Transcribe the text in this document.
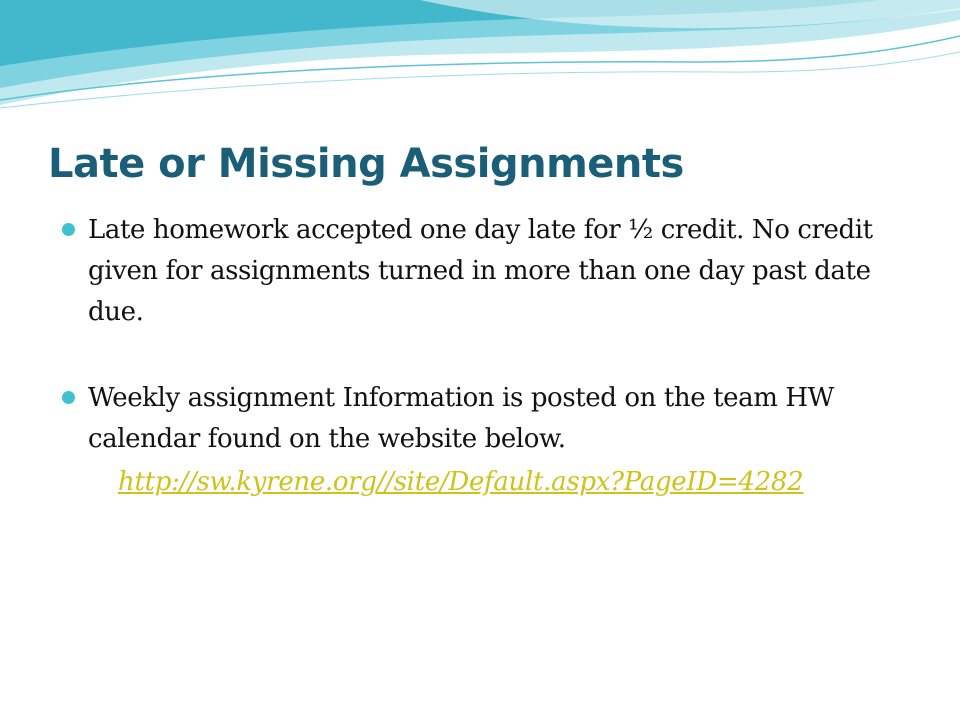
Late or Missing Assignments
Late homework accepted one day late for ½ credit. No credit given for assignments turned in more than one day past date due.
Weekly assignment Information is posted on the team HW calendar found on the website below.
http://sw.kyrene.org//site/Default.aspx?PageID=4282
